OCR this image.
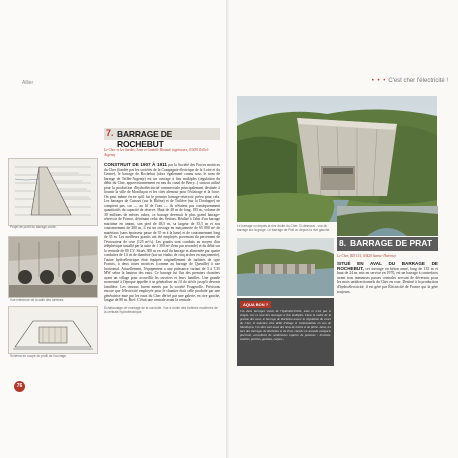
Allier
Projet de profil du barrage-voûte.
Vue intérieure de la salle des turbines.
Schéma en coupe du profil de l'ouvrage.
7. BARRAGE DE ROCHEBUT
Le Cher et les Sardes, Jean et Camille Rinaud, ingénieurs, 03430 Teillet-Argenty
CONSTRUIT DE 1907 À 1911 par la Société des Forces motrices du Cher (fondée par les sociétés de la Compagnie électrique de la Loire et du Centre), le barrage de Rochebut (alors également connu sous le nom de barrage de Teillet-Argenty) est un ouvrage à fins multiples (régulation du débit du Cher, approvisionnement en eau du canal de Berry...) surtout utilisé pour la production d'hydroélectricité commerciale principalement destinée à fournir la ville de Montluçon et les cités alentour pour l'éclairage et la force. On peut même écrire qu'il fut le premier barrage-réservoir prévu pour cela. Les barrages de Causset (sur le Rhône) et de Tuilière (sur la Dordogne) ne comptent pas, car — au fil de l'eau — ils n'étaient pas conséquemment quantitatifs du capacité de réserve. Haut de 40 m de long, 185 m, volume de 30 millions de mètres cubes, ce barrage devenait le plus grand barrage-réservoir de France, détrônant celui des Settons. Réalisé à l'abri d'un barrage maritime en amont, son pied de 48,5 m, sa largeur de 35,5 m et son couronnement de 200 m, il est un ouvrage en maçonnerie de 65 000 m³ de matériaux (sans épaisseur passe de 35 m à la base) et de couronnement long de 35 m. Les meilleurs granits ont été employés provenant du percement de l'évacuateur de crue (125 m³/s). Les granits sont conduits au moyen d'un téléphérique installé par la suite de 1 300 m³ d'eau par seconde) et du débit sur la centrale de 80 CV. Situés 300 m en aval du barrage et alimentée par quatre conduites de 1,6 m de diamètre (sur un viaduc de cinq arches en maçonnerie), l'usine hydroélectrique était équipée originellement de turbines de type Francis, à deux roues motrices (comme au barrage de Queuille) à axe horizontal. Actuellement, l'équipement a une puissance variant de 3 à 7,35 MW selon la hauteur des eaux. Ce barrage fut l'un des premiers chantiers ayant un village pour accueillir les ouvriers et leurs familles. Une grande nouveauté à l'époque appelée à se généraliser au fil du siècle jusqu'à devenir familière. Les travaux furent menés par la société Fougerolle. Précisons encore que l'électricité employée pour le chantier était celle produite par une génératrice mue par les eaux du Cher dérivé par une galerie, en rive gauche, longue de 80 m. Bref: C'était une centrale avant la centrale.
Échafaudage de montage de la conduite. Vue à droite des turbines modernes de la centrale hydroélectrique.
76
• • • C'est cher l'électricité !
Le barrage vu depuis la rive droite du Cher. Ci-dessous : vue du barrage sur la gorge. Le barrage de Prat vu depuis la rive gauche.
8. BARRAGE DE PRAT
Le Cher, RD 151, 03420 Sainte-Thérence
SITUÉ EN AVAL DU BARRAGE DE ROCHEBUT, cet ouvrage en béton armé, long de 135 m et haut de 24 m, mis en service en 1970, est un barrage à contreforts avant tous immenses passes centrales servant de déversoir pour les mois unidirectionnels du Cher en crue. Destiné à la production d'hydroélectricité, il est géré par Électricité de France qui la gère toujours.
AQUA BON ?
Ces deux barrages vivent de l'hydroélectricité, mais ce n'est pas si simple, car ce sont des ouvrages à fins multiples. Dans le cadre de la gestion des eaux, le barrage de Rochebut assure la régulation du cours du Cher, le maintien d'un débit d'étiage et l'alimentation en eau de Montluçon. Ces sites sont aussi des lieux de loisirs et de pêche. Ainsi, les lacs des barrages de Rochebut et de Prat, classés en seconde catégorie piscicole, accueillent de nombreuses espèces de poissons : brochets, sandres, perches, gardons, carpes...
